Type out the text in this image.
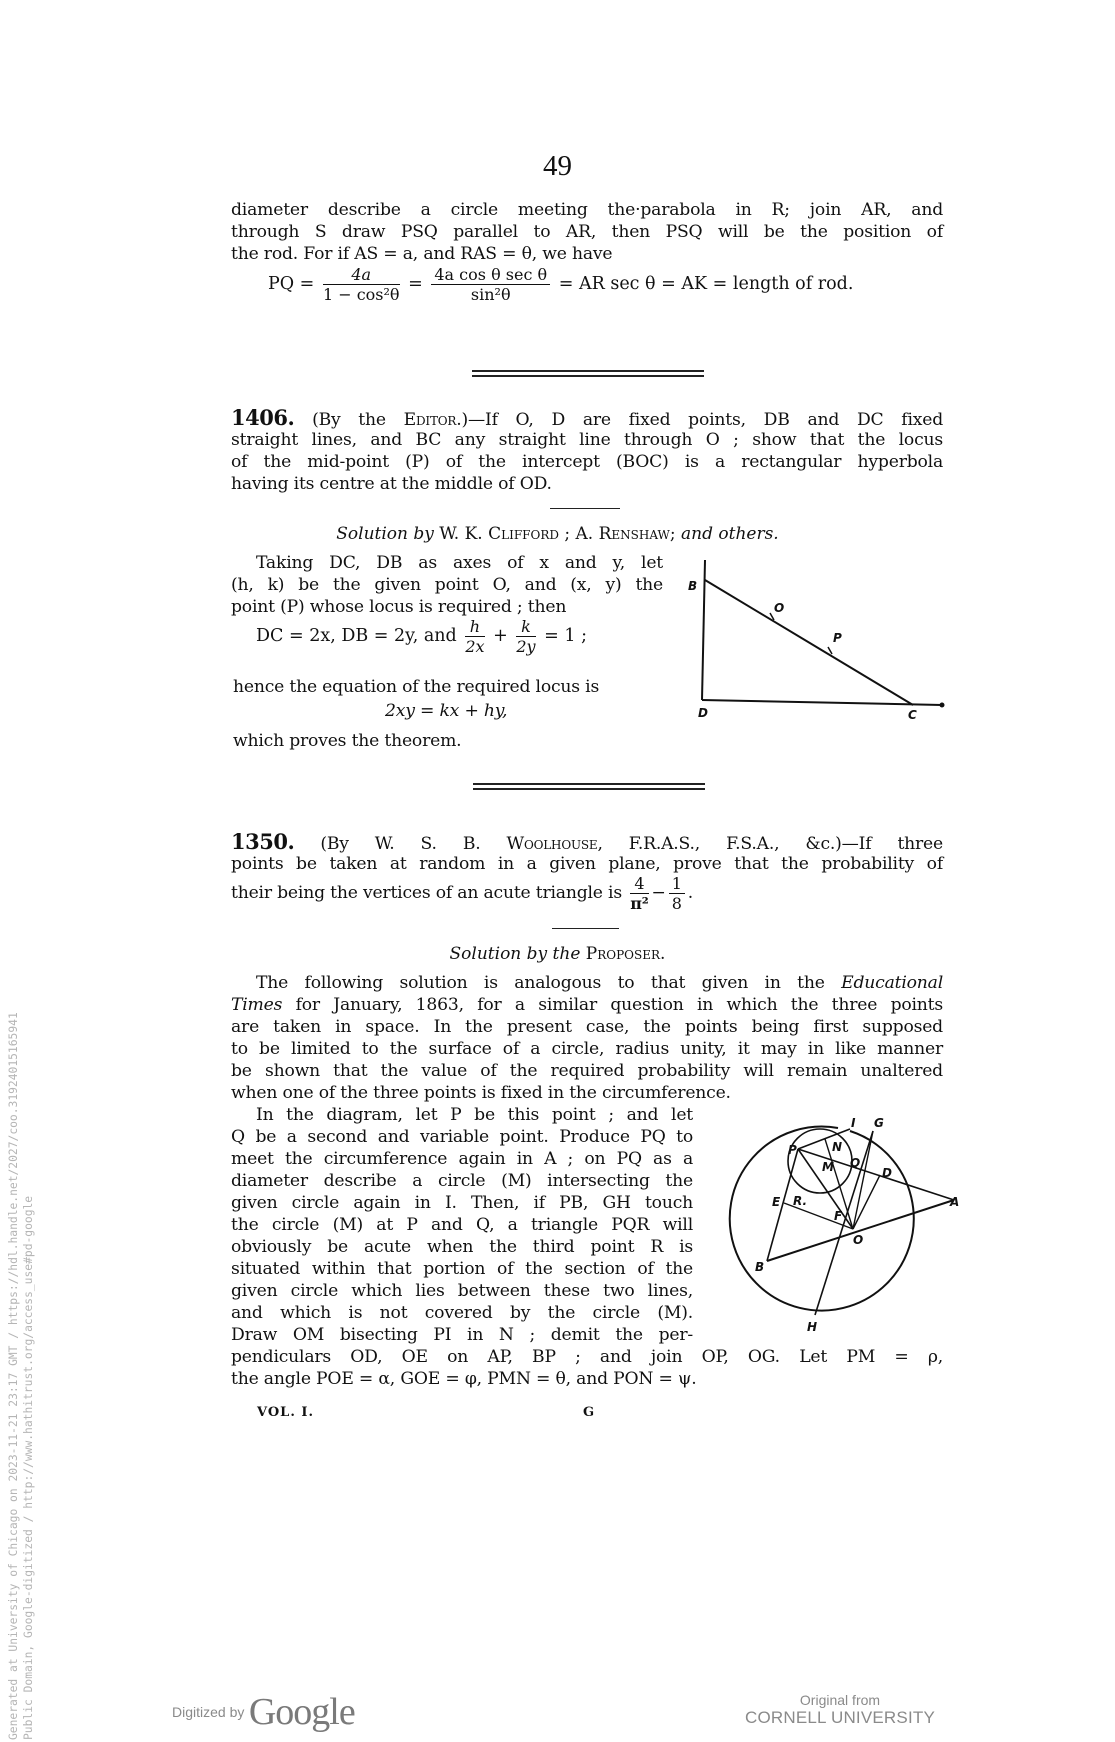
49
diameter describe a circle meeting the·parabola in R; join AR, and
through S draw PSQ parallel to AR, then PSQ will be the position of
the rod. For if AS = a, and RAS = θ, we have
PQ = $\frac{4a}{\text{1 − cos²θ}} = \frac{\text{4a cos θ sec θ}}{\text{sin²θ}}$ = AR sec θ = AK = length of rod.
1406. (By the Editor.)—If O, D are fixed points, DB and DC fixed
straight lines, and BC any straight line through O ; show that the locus
of the mid-point (P) of the intercept (BOC) is a rectangular hyperbola
having its centre at the middle of OD.
Solution by W. K. Clifford ; A. Renshaw; and others.
Taking DC, DB as axes of x and y, let
(h, k) be the given point O, and (x, y) the
point (P) whose locus is required ; then
DC = 2x, DB = 2y, and $\frac{h}{2x} + \frac{k}{2y} = 1$ ;
hence the equation of the required locus is
2xy = kx + hy,
which proves the theorem.
B
O
P
D	C
1350. (By W. S. B. Woolhouse, F.R.A.S., F.S.A., &c.)—If three
points be taken at random in a given plane, prove that the probability of
their being the vertices of an acute triangle is $\frac{4}{\text{π²}} - \frac{1}{8}$ .
Solution by the Proposer.
The following solution is analogous to that given in the Educational
Times for January, 1863, for a similar question in which the three points
are taken in space. In the present case, the points being first supposed
to be limited to the surface of a circle, radius unity, it may in like manner
be shown that the value of the required probability will remain unaltered
when one of the three points is fixed in the circumference.
In the diagram, let P be this point ; and let
Q be a second and variable point. Produce PQ to
meet the circumference again in A ; on PQ as a
diameter describe a circle (M) intersecting the
given circle again in I. Then, if PB, GH touch
the circle (M) at P and Q, a triangle PQR will
obviously be acute when the third point R is
situated within that portion of the section of the
given circle which lies between these two lines,
and which is not covered by the circle (M).
Draw OM bisecting PI in N ; demit the per-
pendiculars OD, OE on AP, BP ; and join OP, OG. Let PM = ρ,
the angle POE = α, GOE = φ, PMN = θ, and PON = ψ.
P
I G
N
M Q
D
E R.
F
A
O
B
H
VOL. I.	G
Generated at University of Chicago on 2023-11-21 23:17 GMT / https://hdl.handle.net/2027/coo.31924015165941 Public Domain, Google-digitized / http://www.hathitrust.org/access_use#pd-google	Digitized by Google	Original from
CORNELL UNIVERSITY
